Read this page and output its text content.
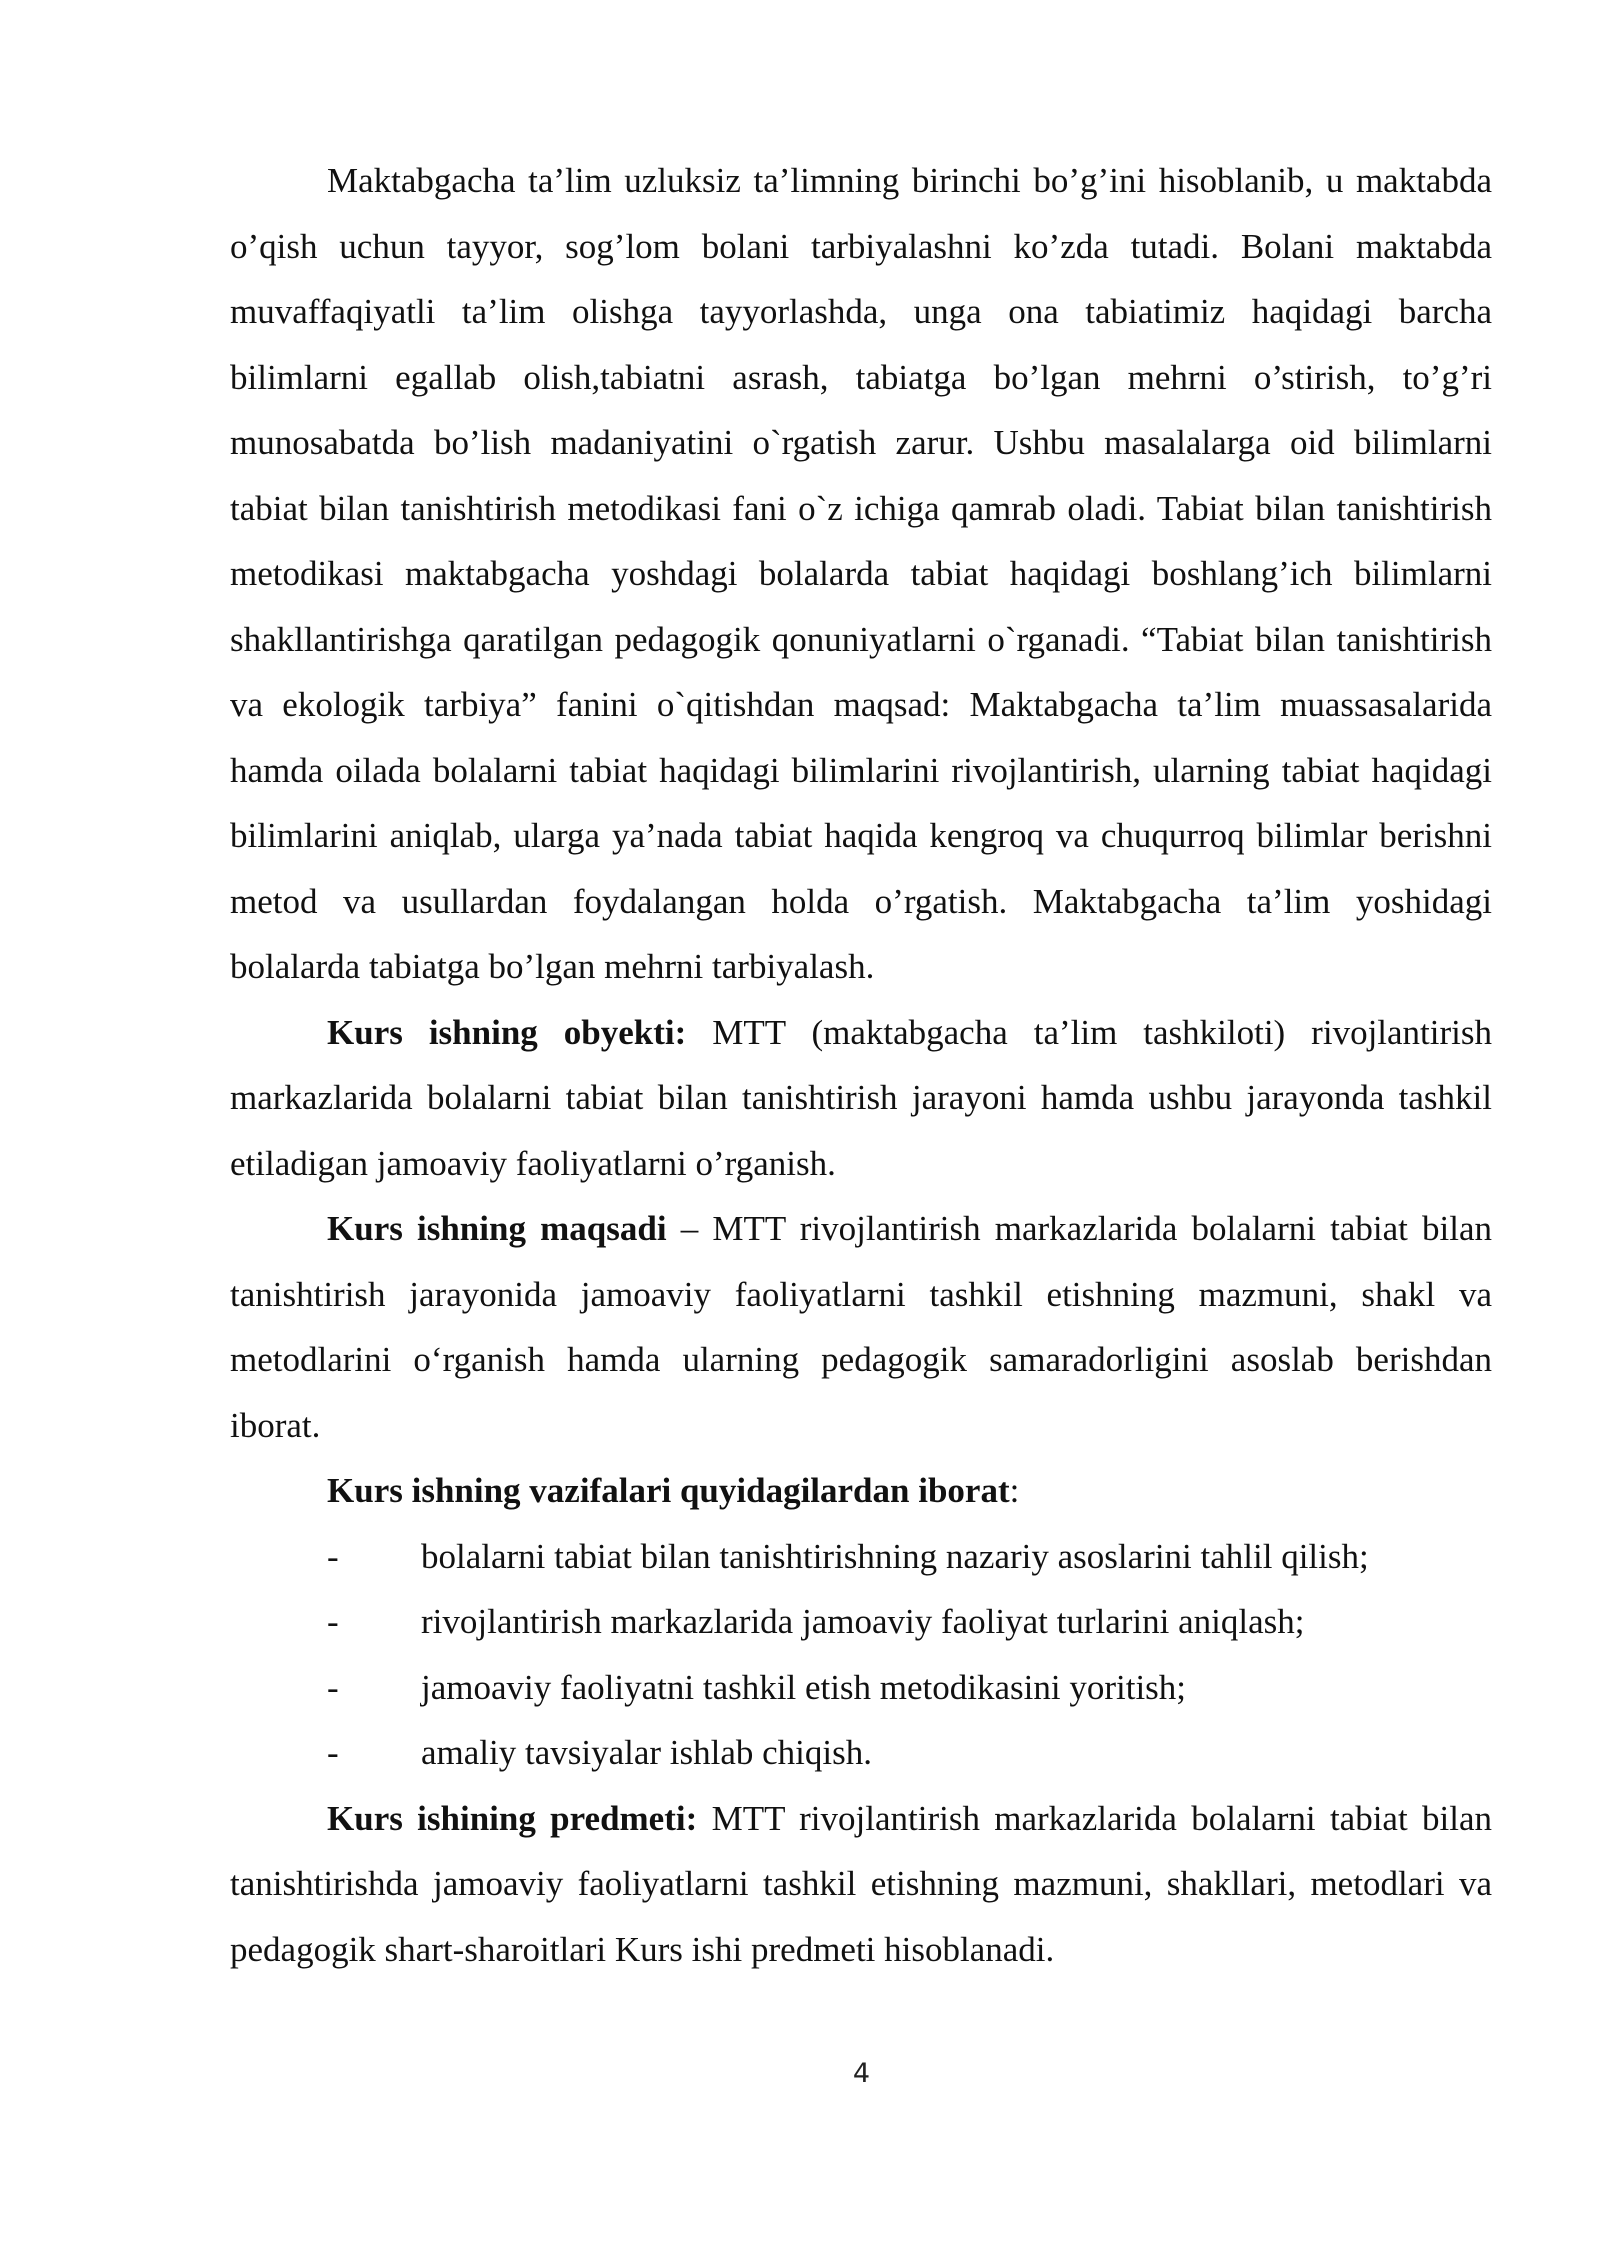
Maktabgacha ta’lim uzluksiz ta’limning birinchi bo’g’ini hisoblanib, u maktabda o’qish uchun tayyor, sog’lom bolani tarbiyalashni ko’zda tutadi. Bolani maktabda muvaffaqiyatli ta’lim olishga tayyorlashda, unga ona tabiatimiz haqidagi barcha bilimlarni egallab olish,tabiatni asrash, tabiatga bo’lgan mehrni o’stirish, to’g’ri munosabatda bo’lish madaniyatini o`rgatish zarur. Ushbu masalalarga oid bilimlarni tabiat bilan tanishtirish metodikasi fani o`z ichiga qamrab oladi. Tabiat bilan tanishtirish metodikasi maktabgacha yoshdagi bolalarda tabiat haqidagi boshlang’ich bilimlarni shakllantirishga qaratilgan pedagogik qonuniyatlarni o`rganadi. “Tabiat bilan tanishtirish va ekologik tarbiya” fanini o`qitishdan maqsad: Maktabgacha ta’lim muassasalarida hamda oilada bolalarni tabiat haqidagi bilimlarini rivojlantirish, ularning tabiat haqidagi bilimlarini aniqlab, ularga ya’nada tabiat haqida kengroq va chuqurroq bilimlar berishni metod va usullardan foydalangan holda o’rgatish. Maktabgacha ta’lim yoshidagi bolalarda tabiatga bo’lgan mehrni tarbiyalash.

Kurs ishning obyekti: MTT (maktabgacha ta’lim tashkiloti) rivojlantirish markazlarida bolalarni tabiat bilan tanishtirish jarayoni hamda ushbu jarayonda tashkil etiladigan jamoaviy faoliyatlarni o’rganish.

Kurs ishning maqsadi – MTT rivojlantirish markazlarida bolalarni tabiat bilan tanishtirish jarayonida jamoaviy faoliyatlarni tashkil etishning mazmuni, shakl va metodlarini o‘rganish hamda ularning pedagogik samaradorligini asoslab berishdan iborat.

Kurs ishning vazifalari quyidagilardan iborat:
- bolalarni tabiat bilan tanishtirishning nazariy asoslarini tahlil qilish;
- rivojlantirish markazlarida jamoaviy faoliyat turlarini aniqlash;
- jamoaviy faoliyatni tashkil etish metodikasini yoritish;
- amaliy tavsiyalar ishlab chiqish.

Kurs ishining predmeti: MTT rivojlantirish markazlarida bolalarni tabiat bilan tanishtirishda jamoaviy faoliyatlarni tashkil etishning mazmuni, shakllari, metodlari va pedagogik shart-sharoitlari Kurs ishi predmeti hisoblanadi.

4
